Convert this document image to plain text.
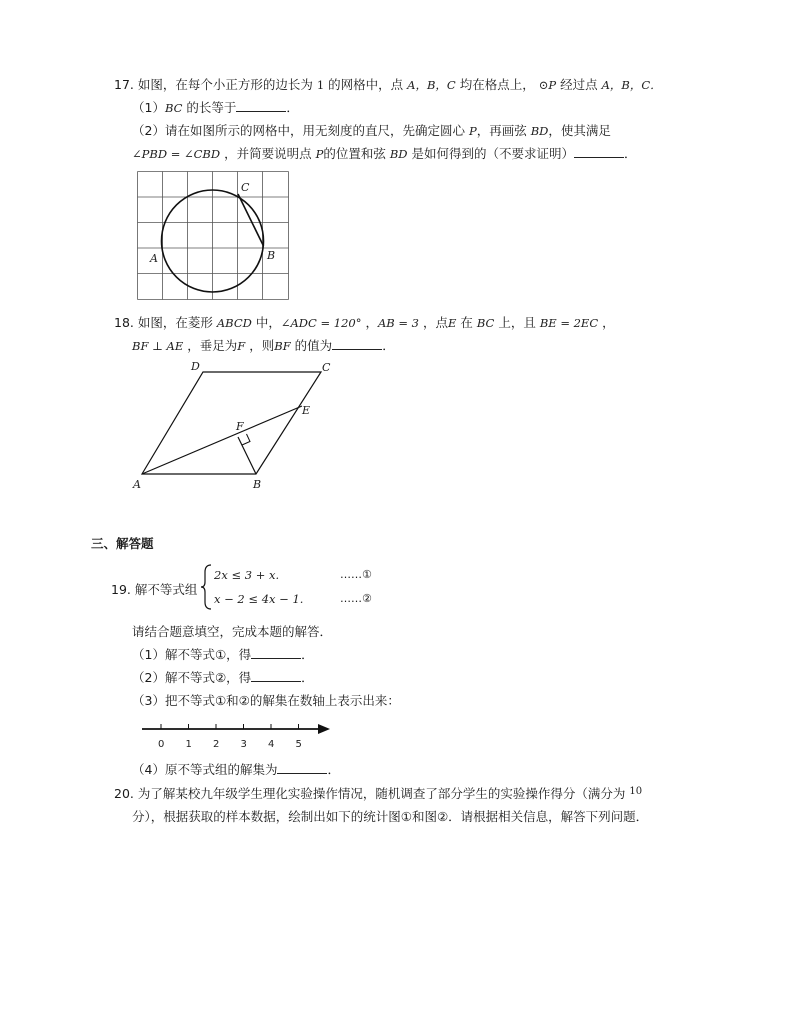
17. 如图，在每个小正方形的边长为 1 的网格中，点 A，B，C 均在格点上， ⊙P 经过点 A，B，C．
（1）BC 的长等于	．
（2）请在如图所示的网格中，用无刻度的直尺，先确定圆心 P，再画弦 BD，使其满足
∠PBD = ∠CBD ，并简要说明点 P的位置和弦 BD 是如何得到的（不要求证明）	．
C
B
A
18. 如图，在菱形 ABCD 中，∠ADC = 120° ，AB = 3 ，点E 在 BC 上，且 BE = 2EC ，
BF ⊥ AE ，垂足为F ，则BF 的值为	．
D	C
E
F
A	B
三、解答题
19. 解不等式组
2x ≤ 3 + x.	……①
x − 2 ≤ 4x − 1.	……②
请结合题意填空，完成本题的解答．
（1）解不等式①，得	．
（2）解不等式②，得	．
（3）把不等式①和②的解集在数轴上表示出来：
0 1 2 3 4 5
（4）原不等式组的解集为	．
20. 为了解某校九年级学生理化实验操作情况，随机调查了部分学生的实验操作得分（满分为 $^{10}$
分），根据获取的样本数据，绘制出如下的统计图①和图②．请根据相关信息，解答下列问题．
